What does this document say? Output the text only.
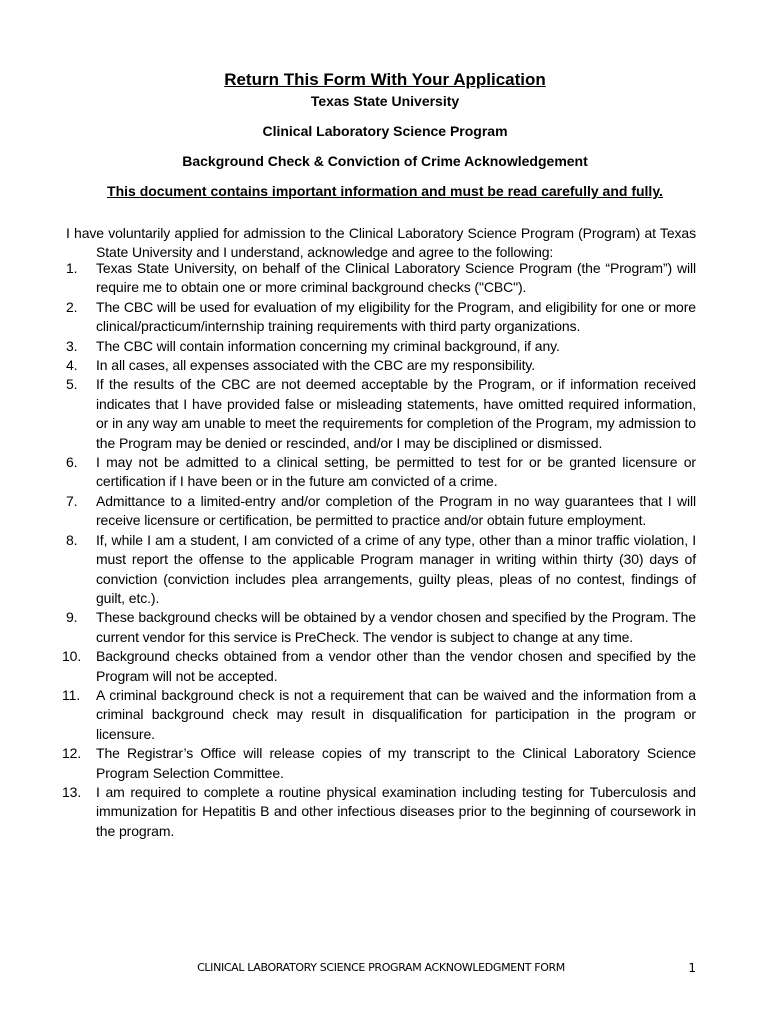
Return This Form With Your Application
Texas State University
Clinical Laboratory Science Program
Background Check & Conviction of Crime Acknowledgement
This document contains important information and must be read carefully and fully.

I have voluntarily applied for admission to the Clinical Laboratory Science Program (Program) at Texas State University and I understand, acknowledge and agree to the following:

1.	Texas State University, on behalf of the Clinical Laboratory Science Program (the “Program”) will require me to obtain one or more criminal background checks ("CBC").
2.	The CBC will be used for evaluation of my eligibility for the Program, and eligibility for one or more clinical/practicum/internship training requirements with third party organizations.
3.	The CBC will contain information concerning my criminal background, if any.
4.	In all cases, all expenses associated with the CBC are my responsibility.
5.	If the results of the CBC are not deemed acceptable by the Program, or if information received indicates that I have provided false or misleading statements, have omitted required information, or in any way am unable to meet the requirements for completion of the Program, my admission to the Program may be denied or rescinded, and/or I may be disciplined or dismissed.
6.	I may not be admitted to a clinical setting, be permitted to test for or be granted licensure or certification if I have been or in the future am convicted of a crime.
7.	Admittance to a limited-entry and/or completion of the Program in no way guarantees that I will receive licensure or certification, be permitted to practice and/or obtain future employment.
8.	If, while I am a student, I am convicted of a crime of any type, other than a minor traffic violation, I must report the offense to the applicable Program manager in writing within thirty (30) days of conviction (conviction includes plea arrangements, guilty pleas, pleas of no contest, findings of guilt, etc.).
9.	These background checks will be obtained by a vendor chosen and specified by the Program. The current vendor for this service is PreCheck. The vendor is subject to change at any time.
10.	Background checks obtained from a vendor other than the vendor chosen and specified by the Program will not be accepted.
11.	A criminal background check is not a requirement that can be waived and the information from a criminal background check may result in disqualification for participation in the program or licensure.
12.	The Registrar’s Office will release copies of my transcript to the Clinical Laboratory Science Program Selection Committee.
13.	I am required to complete a routine physical examination including testing for Tuberculosis and immunization for Hepatitis B and other infectious diseases prior to the beginning of coursework in the program.
CLINICAL LABORATORY SCIENCE PROGRAM ACKNOWLEDGMENT FORM	1
